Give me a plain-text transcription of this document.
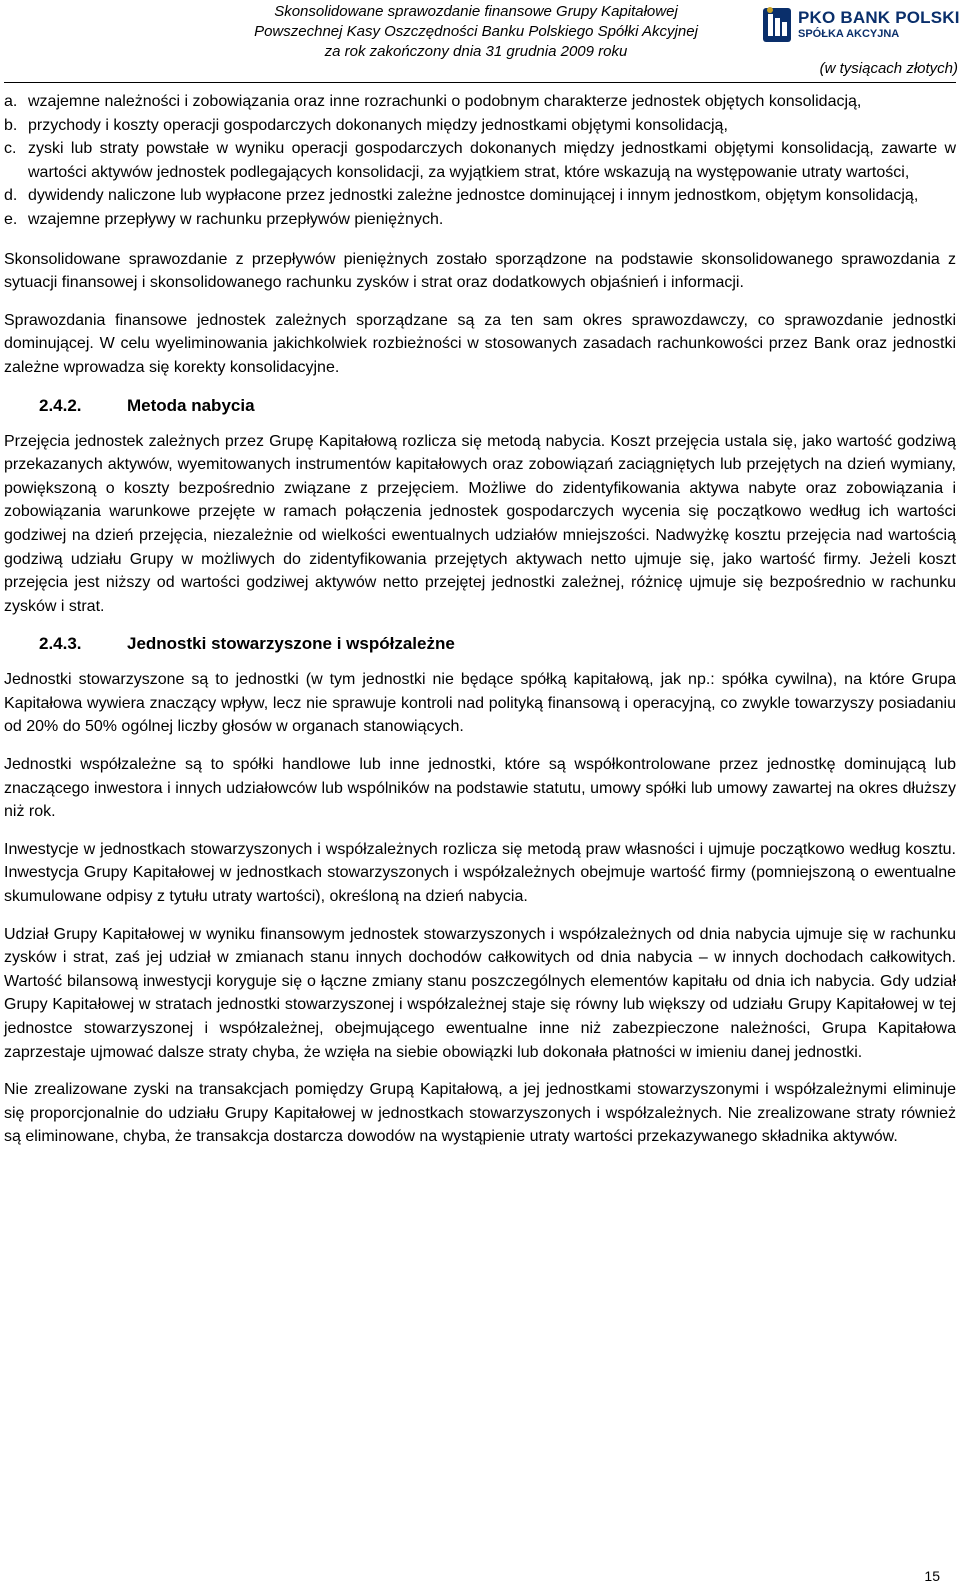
Skonsolidowane sprawozdanie finansowe Grupy Kapitałowej
Powszechnej Kasy Oszczędności Banku Polskiego Spółki Akcyjnej
za rok zakończony dnia 31 grudnia 2009 roku
PKO BANK POLSKI
SPÓŁKA AKCYJNA
(w tysiącach złotych)
a. wzajemne należności i zobowiązania oraz inne rozrachunki o podobnym charakterze jednostek objętych konsolidacją,
b. przychody i koszty operacji gospodarczych dokonanych między jednostkami objętymi konsolidacją,
c. zyski lub straty powstałe w wyniku operacji gospodarczych dokonanych między jednostkami objętymi konsolidacją, zawarte w wartości aktywów jednostek podlegających konsolidacji, za wyjątkiem strat, które wskazują na występowanie utraty wartości,
d. dywidendy naliczone lub wypłacone przez jednostki zależne jednostce dominującej i innym jednostkom, objętym konsolidacją,
e. wzajemne przepływy w rachunku przepływów pieniężnych.

Skonsolidowane sprawozdanie z przepływów pieniężnych zostało sporządzone na podstawie skonsolidowanego sprawozdania z sytuacji finansowej i skonsolidowanego rachunku zysków i strat oraz dodatkowych objaśnień i informacji.

Sprawozdania finansowe jednostek zależnych sporządzane są za ten sam okres sprawozdawczy, co sprawozdanie jednostki dominującej. W celu wyeliminowania jakichkolwiek rozbieżności w stosowanych zasadach rachunkowości przez Bank oraz jednostki zależne wprowadza się korekty konsolidacyjne.

2.4.2.	Metoda nabycia

Przejęcia jednostek zależnych przez Grupę Kapitałową rozlicza się metodą nabycia. Koszt przejęcia ustala się, jako wartość godziwą przekazanych aktywów, wyemitowanych instrumentów kapitałowych oraz zobowiązań zaciągniętych lub przejętych na dzień wymiany, powiększoną o koszty bezpośrednio związane z przejęciem. Możliwe do zidentyfikowania aktywa nabyte oraz zobowiązania i zobowiązania warunkowe przejęte w ramach połączenia jednostek gospodarczych wycenia się początkowo według ich wartości godziwej na dzień przejęcia, niezależnie od wielkości ewentualnych udziałów mniejszości. Nadwyżkę kosztu przejęcia nad wartością godziwą udziału Grupy w możliwych do zidentyfikowania przejętych aktywach netto ujmuje się, jako wartość firmy. Jeżeli koszt przejęcia jest niższy od wartości godziwej aktywów netto przejętej jednostki zależnej, różnicę ujmuje się bezpośrednio w rachunku zysków i strat.

2.4.3.	Jednostki stowarzyszone i współzależne

Jednostki stowarzyszone są to jednostki (w tym jednostki nie będące spółką kapitałową, jak np.: spółka cywilna), na które Grupa Kapitałowa wywiera znaczący wpływ, lecz nie sprawuje kontroli nad polityką finansową i operacyjną, co zwykle towarzyszy posiadaniu od 20% do 50% ogólnej liczby głosów w organach stanowiących.

Jednostki współzależne są to spółki handlowe lub inne jednostki, które są współkontrolowane przez jednostkę dominującą lub znaczącego inwestora i innych udziałowców lub wspólników na podstawie statutu, umowy spółki lub umowy zawartej na okres dłuższy niż rok.

Inwestycje w jednostkach stowarzyszonych i współzależnych rozlicza się metodą praw własności i ujmuje początkowo według kosztu. Inwestycja Grupy Kapitałowej w jednostkach stowarzyszonych i współzależnych obejmuje wartość firmy (pomniejszoną o ewentualne skumulowane odpisy z tytułu utraty wartości), określoną na dzień nabycia.

Udział Grupy Kapitałowej w wyniku finansowym jednostek stowarzyszonych i współzależnych od dnia nabycia ujmuje się w rachunku zysków i strat, zaś jej udział w zmianach stanu innych dochodów całkowitych od dnia nabycia – w innych dochodach całkowitych. Wartość bilansową inwestycji koryguje się o łączne zmiany stanu poszczególnych elementów kapitału od dnia ich nabycia. Gdy udział Grupy Kapitałowej w stratach jednostki stowarzyszonej i współzależnej staje się równy lub większy od udziału Grupy Kapitałowej w tej jednostce stowarzyszonej i współzależnej, obejmującego ewentualne inne niż zabezpieczone należności, Grupa Kapitałowa zaprzestaje ujmować dalsze straty chyba, że wzięła na siebie obowiązki lub dokonała płatności w imieniu danej jednostki.

Nie zrealizowane zyski na transakcjach pomiędzy Grupą Kapitałową, a jej jednostkami stowarzyszonymi i współzależnymi eliminuje się proporcjonalnie do udziału Grupy Kapitałowej w jednostkach stowarzyszonych i współzależnych. Nie zrealizowane straty również są eliminowane, chyba, że transakcja dostarcza dowodów na wystąpienie utraty wartości przekazywanego składnika aktywów.

15
